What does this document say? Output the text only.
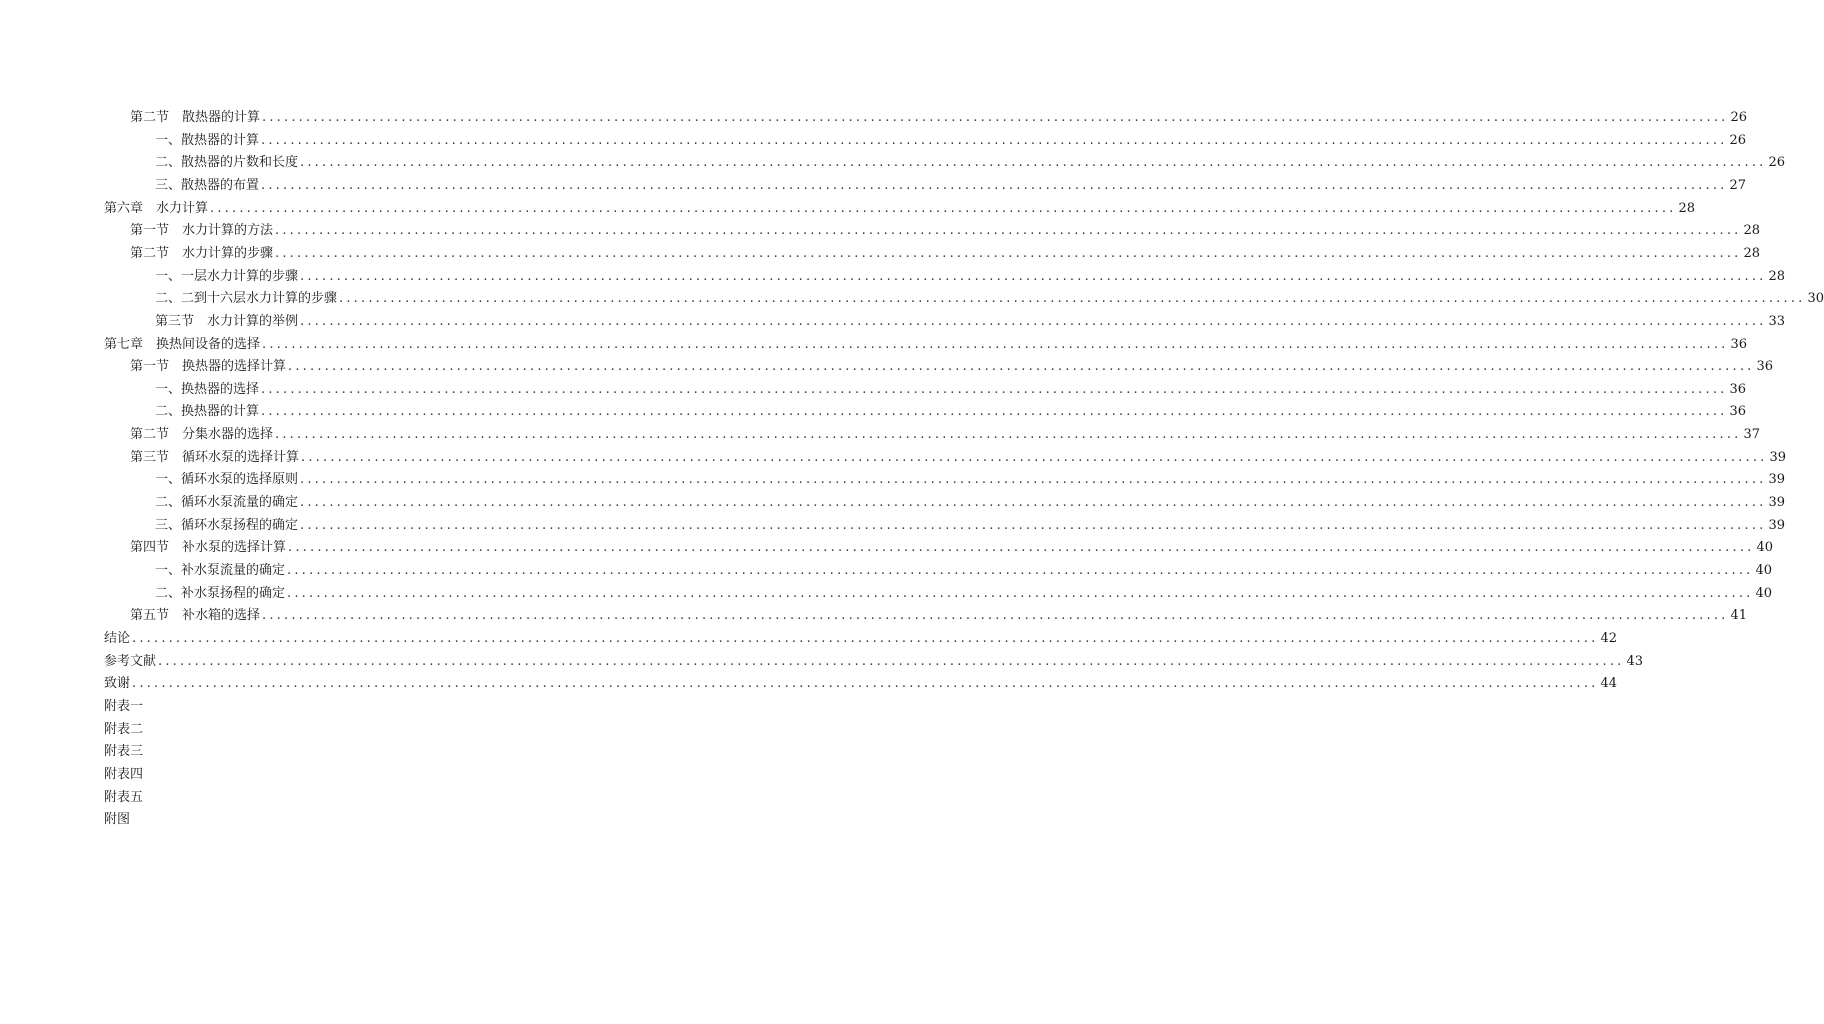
第二节　散热器的计算 ........................................................................................................................................................................................................ 26
一、散热器的计算 ........................................................................................................................................................................................................ 26
二、散热器的片数和长度 ........................................................................................................................................................................................................ 26
三、散热器的布置 ........................................................................................................................................................................................................ 27
第六章　水力计算 ........................................................................................................................................................................................................ 28
第一节　水力计算的方法 ........................................................................................................................................................................................................ 28
第二节　水力计算的步骤 ........................................................................................................................................................................................................ 28
一、一层水力计算的步骤 ........................................................................................................................................................................................................ 28
二、二到十六层水力计算的步骤 ........................................................................................................................................................................................................ 30
第三节　水力计算的举例 ........................................................................................................................................................................................................ 33
第七章　换热间设备的选择 ........................................................................................................................................................................................................ 36
第一节　换热器的选择计算 ........................................................................................................................................................................................................ 36
一、换热器的选择 ........................................................................................................................................................................................................ 36
二、换热器的计算 ........................................................................................................................................................................................................ 36
第二节　分集水器的选择 ........................................................................................................................................................................................................ 37
第三节　循环水泵的选择计算 ........................................................................................................................................................................................................ 39
一、循环水泵的选择原则 ........................................................................................................................................................................................................ 39
二、循环水泵流量的确定 ........................................................................................................................................................................................................ 39
三、循环水泵扬程的确定 ........................................................................................................................................................................................................ 39
第四节　补水泵的选择计算 ........................................................................................................................................................................................................ 40
一、补水泵流量的确定 ........................................................................................................................................................................................................ 40
二、补水泵扬程的确定 ........................................................................................................................................................................................................ 40
第五节　补水箱的选择 ........................................................................................................................................................................................................ 41
结论 ........................................................................................................................................................................................................ 42
参考文献 ........................................................................................................................................................................................................ 43
致谢 ........................................................................................................................................................................................................ 44
附表一
附表二
附表三
附表四
附表五
附图
